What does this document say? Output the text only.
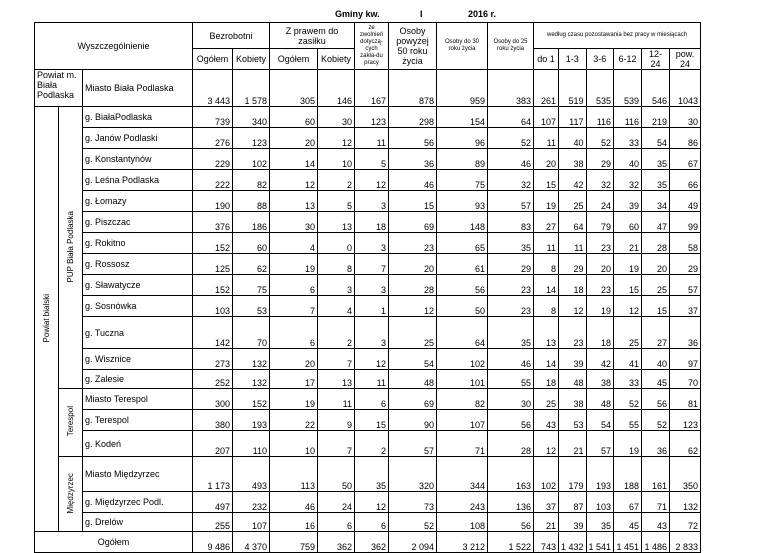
Gminy kw.	I	2016 r.
Wyszczególnienie			Bezrobotni		Z prawem do zasiłku		ze zwolnień dotyczą-cych zakła-du pracy	Osoby powyżej 50 roku życia	Osoby do 30 roku życia	Osoby do 25 roku życia	według czasu pozostawania bez pracy w miesiącach					
			Ogółem	Kobiety	Ogółem	Kobiety					do 1	1-3	3-6	6-12	12-24	pow. 24
Powiat m. Biała Podlaska		Miasto Biała Podlaska	3 443	1 578	305	146	167	878	959	383	261	519	535	539	546	1043
Powiat bialski	PUP Biała Podlaska	g. BiałaPodlaska	739	340	60	30	123	298	154	64	107	117	116	116	219	30
		g. Janów Podlaski	276	123	20	12	11	56	96	52	11	40	52	33	54	86
		g. Konstantynów	229	102	14	10	5	36	89	46	20	38	29	40	35	67
		g. Leśna Podlaska	222	82	12	2	12	46	75	32	15	42	32	32	35	66
		g. Łomazy	190	88	13	5	3	15	93	57	19	25	24	39	34	49
		g. Piszczac	376	186	30	13	18	69	148	83	27	64	79	60	47	99
		g. Rokitno	152	60	4	0	3	23	65	35	11	11	23	21	28	58
		g. Rossosz	125	62	19	8	7	20	61	29	8	29	20	19	20	29
		g. Sławatycze	152	75	6	3	3	28	56	23	14	18	23	15	25	57
		g. Sosnówka	103	53	7	4	1	12	50	23	8	12	19	12	15	37
		g. Tuczna	142	70	6	2	3	25	64	35	13	23	18	25	27	36
		g. Wisznice	273	132	20	7	12	54	102	46	14	39	42	41	40	97
		g. Zalesie	252	132	17	13	11	48	101	55	18	48	38	33	45	70
	Terespol	Miasto Terespol	300	152	19	11	6	69	82	30	25	38	48	52	56	81
		g. Terespol	380	193	22	9	15	90	107	56	43	53	54	55	52	123
		g. Kodeń	207	110	10	7	2	57	71	28	12	21	57	19	36	62
	Międzyrzec	Miasto Międzyrzec	1 173	493	113	50	35	320	344	163	102	179	193	188	161	350
		g. Międzyrzec Podl.	497	232	46	24	12	73	243	136	37	87	103	67	71	132
		g. Drelów	255	107	16	6	6	52	108	56	21	39	35	45	43	72
Ogółem			9 486	4 370	759	362	362	2 094	3 212	1 522	743	1 432	1 541	1 451	1 486	2 833
